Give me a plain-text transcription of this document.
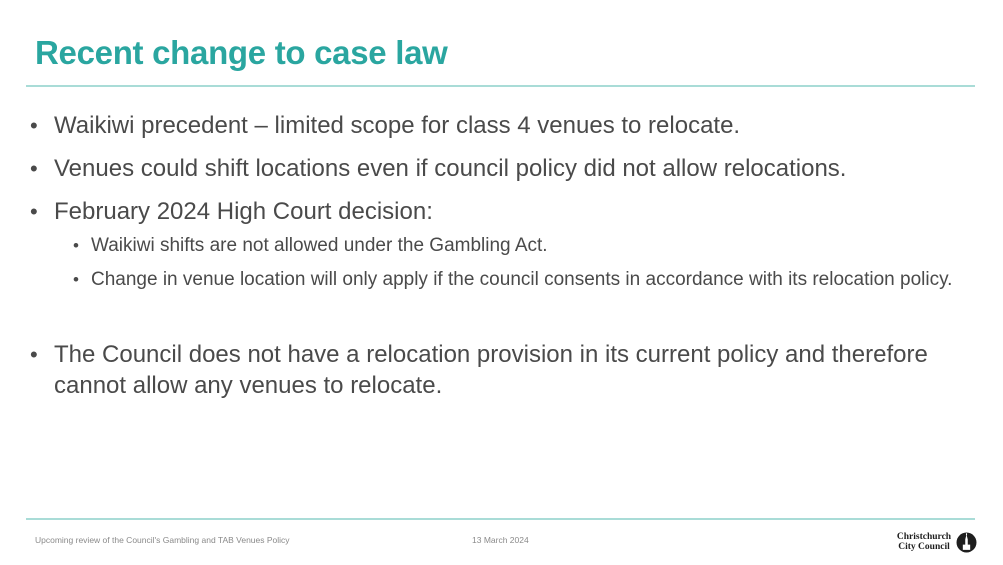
Recent change to case law
• Waikiwi precedent – limited scope for class 4 venues to relocate.
• Venues could shift locations even if council policy did not allow relocations.
• February 2024 High Court decision:
• Waikiwi shifts are not allowed under the Gambling Act.
• Change in venue location will only apply if the council consents in accordance with its relocation policy.
• The Council does not have a relocation provision in its current policy and therefore cannot allow any venues to relocate.
Upcoming review of the Council's Gambling and TAB Venues Policy	13 March 2024	Christchurch
City Council
